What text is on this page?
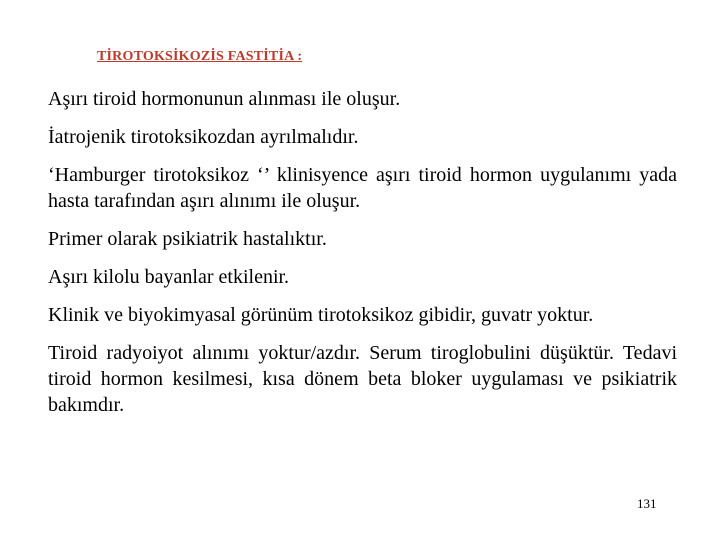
TİROTOKSİKOZİS FASTİTİA :

Aşırı tiroid hormonunun alınması ile oluşur.

İatrojenik tirotoksikozdan ayrılmalıdır.

‘Hamburger tirotoksikoz ‘’ klinisyence aşırı tiroid hormon uygulanımı yada hasta tarafından aşırı alınımı ile oluşur.

Primer olarak psikiatrik hastalıktır.

Aşırı kilolu bayanlar etkilenir.

Klinik ve biyokimyasal görünüm tirotoksikoz gibidir, guvatr yoktur.

Tiroid radyoiyot alınımı yoktur/azdır. Serum tiroglobulini düşüktür. Tedavi tiroid hormon kesilmesi, kısa dönem beta bloker uygulaması ve psikiatrik bakımdır.

131
